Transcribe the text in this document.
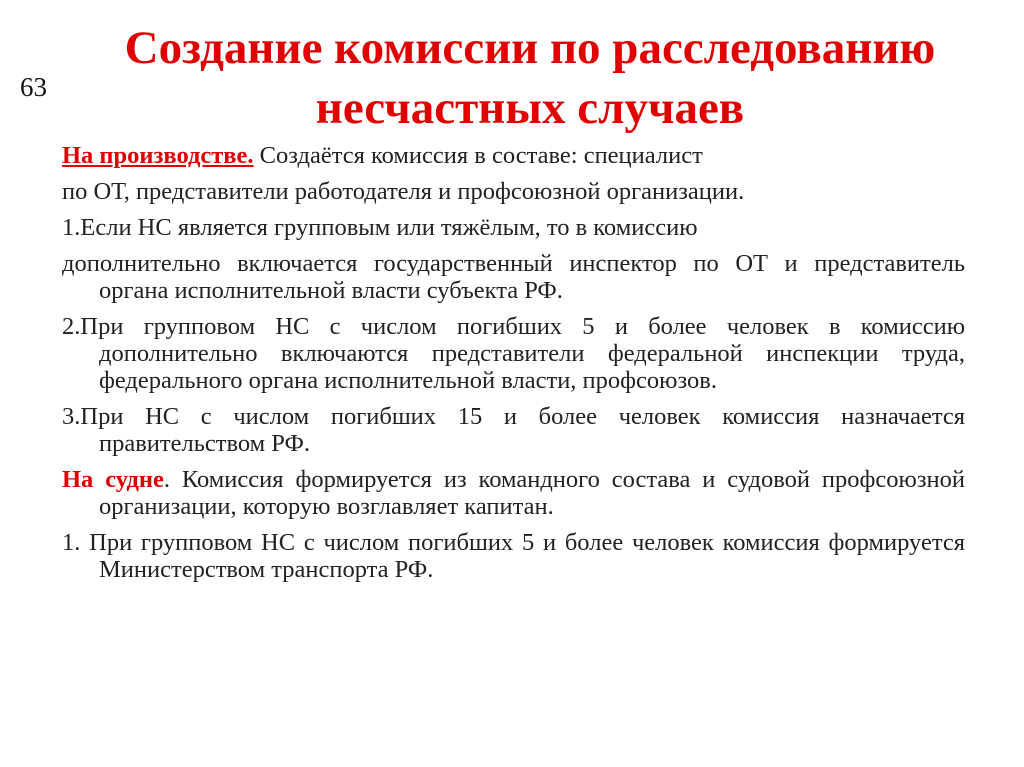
63
Создание комиссии по расследованию
несчастных случаев

На производстве. Создаётся комиссия в составе: специалист

по ОТ, представители работодателя и профсоюзной организации.

1.Если НС является групповым или тяжёлым, то в комиссию

дополнительно включается государственный инспектор по ОТ и представитель органа исполнительной власти субъекта РФ.

2.При групповом НС с числом погибших 5 и более человек в комиссию дополнительно включаются представители федеральной инспекции труда, федерального органа исполнительной власти, профсоюзов.

3.При НС с числом погибших 15 и более человек комиссия назначается правительством РФ.

На судне. Комиссия формируется из командного состава и судовой профсоюзной организации, которую возглавляет капитан.

1. При групповом НС с числом погибших 5 и более человек комиссия формируется Министерством транспорта РФ.
